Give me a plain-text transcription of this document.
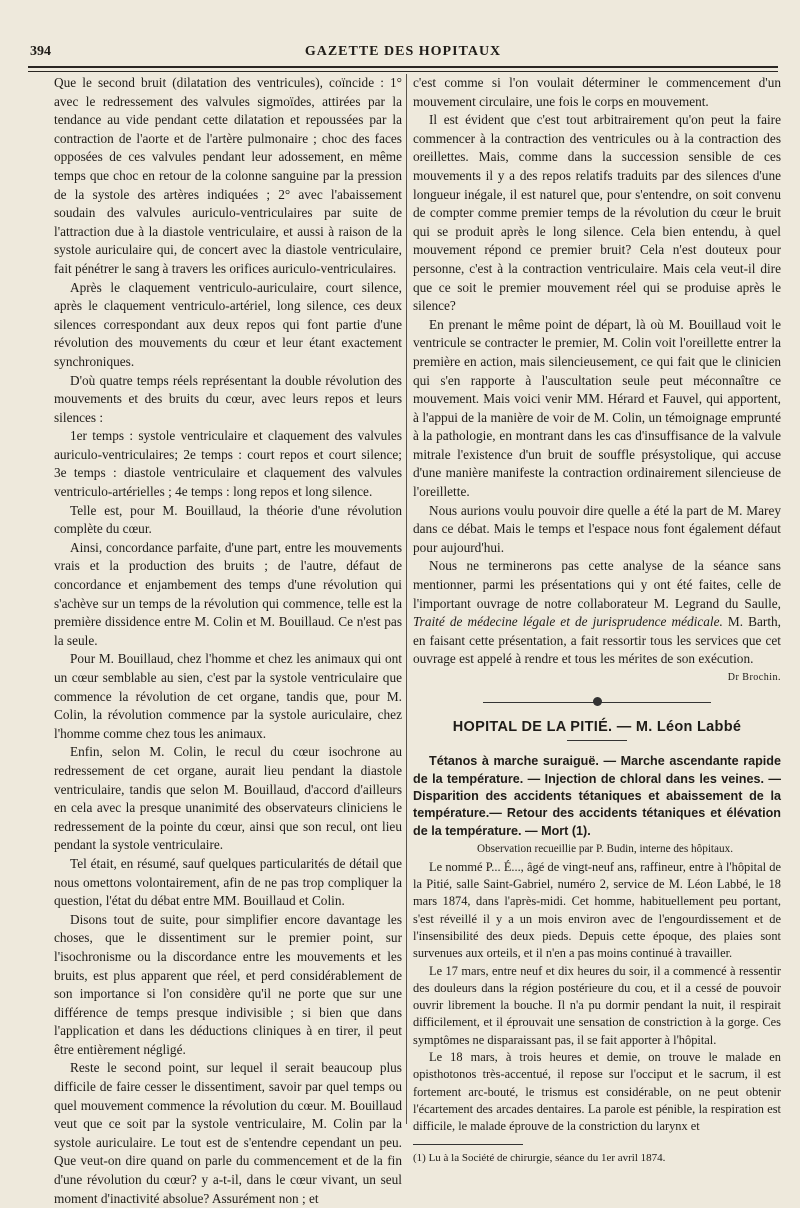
394	GAZETTE DES HOPITAUX

Que le second bruit (dilatation des ventricules), coïncide : 1° avec le redressement des valvules sigmoïdes, attirées par la tendance au vide pendant cette dilatation et repoussées par la contraction de l'aorte et de l'artère pulmonaire ; choc des faces opposées de ces valvules pendant leur adossement, en même temps que choc en retour de la colonne sanguine par la pression de la systole des artères indiquées ; 2° avec l'abaissement soudain des valvules auriculo-ventriculaires par suite de l'attraction due à la diastole ventriculaire, et aussi à raison de la systole auriculaire qui, de concert avec la diastole ventriculaire, fait pénétrer le sang à travers les orifices auriculo-ventriculaires.

Après le claquement ventriculo-auriculaire, court silence, après le claquement ventriculo-artériel, long silence, ces deux silences correspondant aux deux repos qui font partie d'une révolution des mouvements du cœur et leur étant exactement synchroniques.

D'où quatre temps réels représentant la double révolution des mouvements et des bruits du cœur, avec leurs repos et leurs silences :

1er temps : systole ventriculaire et claquement des valvules auriculo-ventriculaires; 2e temps : court repos et court silence; 3e temps : diastole ventriculaire et claquement des valvules ventriculo-artérielles ; 4e temps : long repos et long silence.

Telle est, pour M. Bouillaud, la théorie d'une révolution complète du cœur.

Ainsi, concordance parfaite, d'une part, entre les mouvements vrais et la production des bruits ; de l'autre, défaut de concordance et enjambement des temps d'une révolution qui s'achève sur un temps de la révolution qui commence, telle est la première dissidence entre M. Colin et M. Bouillaud. Ce n'est pas la seule.

Pour M. Bouillaud, chez l'homme et chez les animaux qui ont un cœur semblable au sien, c'est par la systole ventriculaire que commence la révolution de cet organe, tandis que, pour M. Colin, la révolution commence par la systole auriculaire, chez l'homme comme chez tous les animaux.

Enfin, selon M. Colin, le recul du cœur isochrone au redressement de cet organe, aurait lieu pendant la diastole ventriculaire, tandis que selon M. Bouillaud, d'accord d'ailleurs en cela avec la presque unanimité des observateurs cliniciens le redressement de la pointe du cœur, ainsi que son recul, ont lieu pendant la systole ventriculaire.

Tel était, en résumé, sauf quelques particularités de détail que nous omettons volontairement, afin de ne pas trop compliquer la question, l'état du débat entre MM. Bouillaud et Colin.

Disons tout de suite, pour simplifier encore davantage les choses, que le dissentiment sur le premier point, sur l'isochronisme ou la discordance entre les mouvements et les bruits, est plus apparent que réel, et perd considérablement de son importance si l'on considère qu'il ne porte que sur une différence de temps presque indivisible ; si bien que dans l'application et dans les déductions cliniques à en tirer, il peut être entièrement négligé.

Reste le second point, sur lequel il serait beaucoup plus difficile de faire cesser le dissentiment, savoir par quel temps ou quel mouvement commence la révolution du cœur. M. Bouillaud veut que ce soit par la systole ventriculaire, M. Colin par la systole auriculaire. Le tout est de s'entendre cependant un peu. Que veut-on dire quand on parle du commencement et de la fin d'une révolution du cœur? y a-t-il, dans le cœur vivant, un seul moment d'inactivité absolue? Assurément non ; et

c'est comme si l'on voulait déterminer le commencement d'un mouvement circulaire, une fois le corps en mouvement.

Il est évident que c'est tout arbitrairement qu'on peut la faire commencer à la contraction des ventricules ou à la contraction des oreillettes. Mais, comme dans la succession sensible de ces mouvements il y a des repos relatifs traduits par des silences d'une longueur inégale, il est naturel que, pour s'entendre, on soit convenu de compter comme premier temps de la révolution du cœur le bruit qui se produit après le long silence. Cela bien entendu, à quel mouvement répond ce premier bruit? Cela n'est douteux pour personne, c'est à la contraction ventriculaire. Mais cela veut-il dire que ce soit le premier mouvement réel qui se produise après le silence?

En prenant le même point de départ, là où M. Bouillaud voit le ventricule se contracter le premier, M. Colin voit l'oreillette entrer la première en action, mais silencieusement, ce qui fait que le clinicien qui s'en rapporte à l'auscultation seule peut méconnaître ce mouvement. Mais voici venir MM. Hérard et Fauvel, qui apportent, à l'appui de la manière de voir de M. Colin, un témoignage emprunté à la pathologie, en montrant dans les cas d'insuffisance de la valvule mitrale l'existence d'un bruit de souffle présystolique, qui accuse d'une manière manifeste la contraction ordinairement silencieuse de l'oreillette.

Nous aurions voulu pouvoir dire quelle a été la part de M. Marey dans ce débat. Mais le temps et l'espace nous font également défaut pour aujourd'hui.

Nous ne terminerons pas cette analyse de la séance sans mentionner, parmi les présentations qui y ont été faites, celle de l'important ouvrage de notre collaborateur M. Legrand du Saulle, Traité de médecine légale et de jurisprudence médicale. M. Barth, en faisant cette présentation, a fait ressortir tous les services que cet ouvrage est appelé à rendre et tous les mérites de son exécution.

Dr Brochin.

HOPITAL DE LA PITIÉ. — M. Léon Labbé

Tétanos à marche suraiguë. — Marche ascendante rapide de la température. — Injection de chloral dans les veines. — Disparition des accidents tétaniques et abaissement de la température.— Retour des accidents tétaniques et élévation de la température. — Mort (1).

Observation recueillie par P. Budin, interne des hôpitaux.

Le nommé P... É..., âgé de vingt-neuf ans, raffineur, entre à l'hôpital de la Pitié, salle Saint-Gabriel, numéro 2, service de M. Léon Labbé, le 18 mars 1874, dans l'après-midi. Cet homme, habituellement peu portant, s'est réveillé il y a un mois environ avec de l'engourdissement et de l'insensibilité des deux pieds. Depuis cette époque, des plaies sont survenues aux orteils, et il n'en a pas moins continué à travailler.

Le 17 mars, entre neuf et dix heures du soir, il a commencé à ressentir des douleurs dans la région postérieure du cou, et il a cessé de pouvoir ouvrir librement la bouche. Il n'a pu dormir pendant la nuit, il respirait difficilement, et il éprouvait une sensation de constriction à la gorge. Ces symptômes ne disparaissant pas, il se fait apporter à l'hôpital.

Le 18 mars, à trois heures et demie, on trouve le malade en opisthotonos très-accentué, il repose sur l'occiput et le sacrum, il est fortement arc-bouté, le trismus est considérable, on ne peut obtenir l'écartement des arcades dentaires. La parole est pénible, la respiration est difficile, le malade éprouve de la constriction du larynx et

(1) Lu à la Société de chirurgie, séance du 1er avril 1874.
